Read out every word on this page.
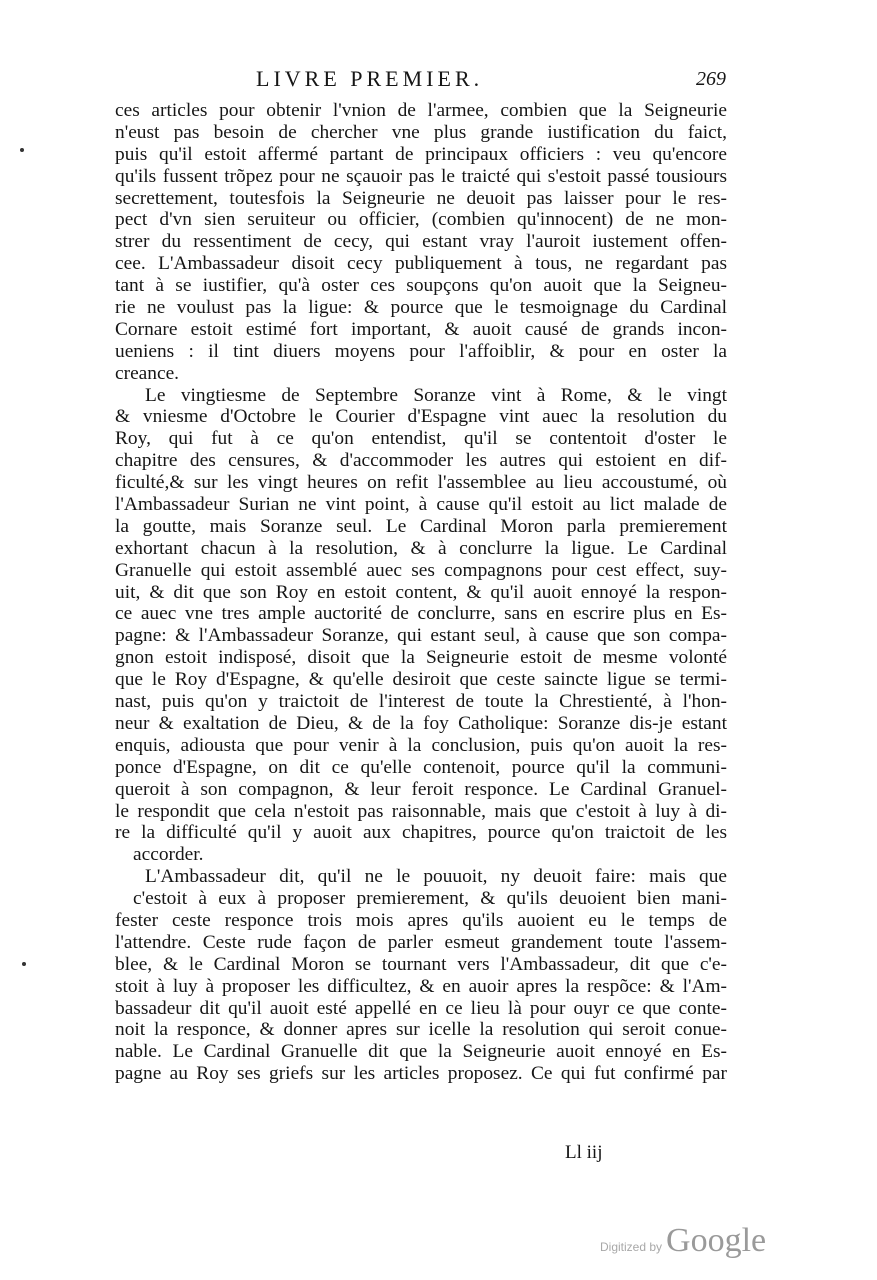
LIVRE PREMIER.	269
ces articles pour obtenir l'vnion de l'armee, combien que la Seigneurie
n'eust pas besoin de chercher vne plus grande iustification du faict,
puis qu'il estoit affermé partant de principaux officiers : veu qu'encore
qu'ils fussent trõpez pour ne sçauoir pas le traicté qui s'estoit passé tousiours
secrettement, toutesfois la Seigneurie ne deuoit pas laisser pour le res-
pect d'vn sien seruiteur ou officier, (combien qu'innocent) de ne mon-
strer du ressentiment de cecy, qui estant vray l'auroit iustement offen-
cee. L'Ambassadeur disoit cecy publiquement à tous, ne regardant pas
tant à se iustifier, qu'à oster ces soupçons qu'on auoit que la Seigneu-
rie ne voulust pas la ligue: & pource que le tesmoignage du Cardinal
Cornare estoit estimé fort important, & auoit causé de grands incon-
ueniens : il tint diuers moyens pour l'affoiblir, & pour en oster la
creance.
Le vingtiesme de Septembre Soranze vint à Rome, & le vingt
& vniesme d'Octobre le Courier d'Espagne vint auec la resolution du
Roy, qui fut à ce qu'on entendist, qu'il se contentoit d'oster le
chapitre des censures, & d'accommoder les autres qui estoient en dif-
ficulté,& sur les vingt heures on refit l'assemblee au lieu accoustumé, où
l'Ambassadeur Surian ne vint point, à cause qu'il estoit au lict malade de
la goutte, mais Soranze seul. Le Cardinal Moron parla premierement
exhortant chacun à la resolution, & à conclurre la ligue. Le Cardinal
Granuelle qui estoit assemblé auec ses compagnons pour cest effect, suy-
uit, & dit que son Roy en estoit content, & qu'il auoit ennoyé la respon-
ce auec vne tres ample auctorité de conclurre, sans en escrire plus en Es-
pagne: & l'Ambassadeur Soranze, qui estant seul, à cause que son compa-
gnon estoit indisposé, disoit que la Seigneurie estoit de mesme volonté
que le Roy d'Espagne, & qu'elle desiroit que ceste saincte ligue se termi-
nast, puis qu'on y traictoit de l'interest de toute la Chrestienté, à l'hon-
neur & exaltation de Dieu, & de la foy Catholique: Soranze dis-je estant
enquis, adiousta que pour venir à la conclusion, puis qu'on auoit la res-
ponce d'Espagne, on dit ce qu'elle contenoit, pource qu'il la communi-
queroit à son compagnon, & leur feroit responce. Le Cardinal Granuel-
le respondit que cela n'estoit pas raisonnable, mais que c'estoit à luy à di-
re la difficulté qu'il y auoit aux chapitres, pource qu'on traictoit de les
accorder.
L'Ambassadeur dit, qu'il ne le pouuoit, ny deuoit faire: mais que
c'estoit à eux à proposer premierement, & qu'ils deuoient bien mani-
fester ceste responce trois mois apres qu'ils auoient eu le temps de
l'attendre. Ceste rude façon de parler esmeut grandement toute l'assem-
blee, & le Cardinal Moron se tournant vers l'Ambassadeur, dit que c'e-
stoit à luy à proposer les difficultez, & en auoir apres la respõce: & l'Am-
bassadeur dit qu'il auoit esté appellé en ce lieu là pour ouyr ce que conte-
noit la responce, & donner apres sur icelle la resolution qui seroit conue-
nable. Le Cardinal Granuelle dit que la Seigneurie auoit ennoyé en Es-
pagne au Roy ses griefs sur les articles proposez. Ce qui fut confirmé par
Ll iij
Digitized by Google
